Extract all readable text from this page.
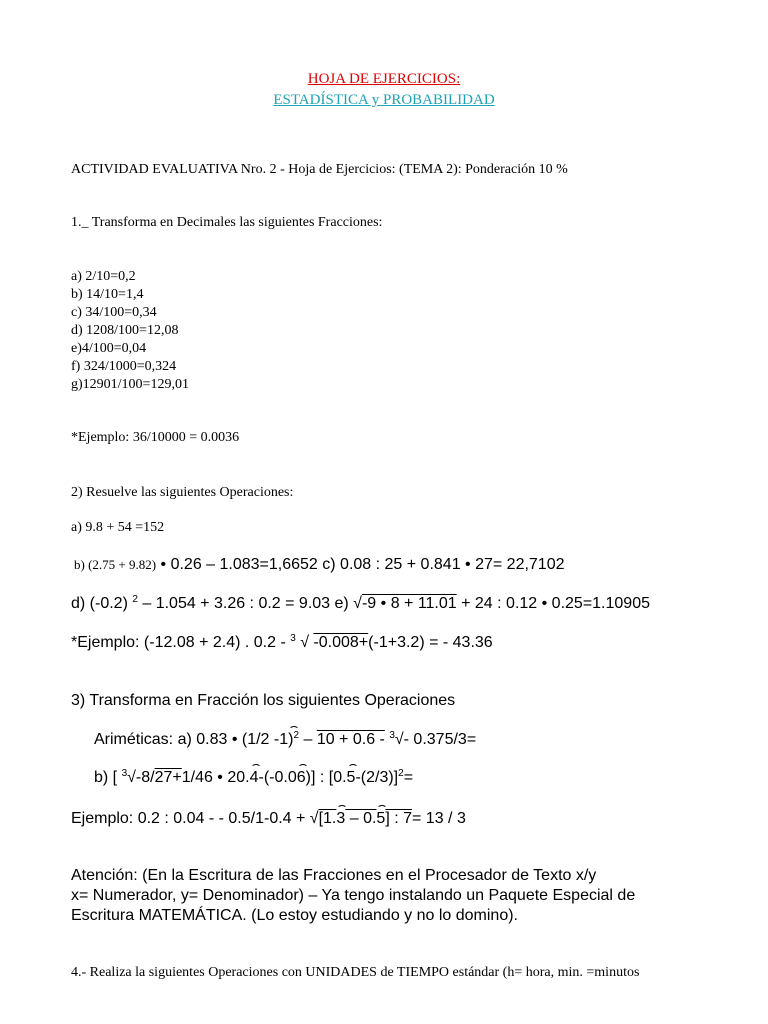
HOJA DE EJERCICIOS:
ESTADÍSTICA y PROBABILIDAD
ACTIVIDAD EVALUATIVA Nro. 2 - Hoja de Ejercicios: (TEMA 2): Ponderación 10 %
1._ Transforma en Decimales las siguientes Fracciones:
a) 2/10=0,2
b) 14/10=1,4
c) 34/100=0,34
d) 1208/100=12,08
e)4/100=0,04
f) 324/1000=0,324
g)12901/100=129,01
*Ejemplo: 36/10000 = 0.0036
2) Resuelve las siguientes Operaciones:
a) 9.8 + 54 =152
b) (2.75 + 9.82) • 0.26 – 1.083=1,6652 c) 0.08 : 25 + 0.841 • 27= 22,7102
d) (-0.2) $^2$ – 1.054 + 3.26 : 0.2 = 9.03 e) √-9 • 8 + 11.01 + 24 : 0.12 • 0.25=1.10905
*Ejemplo: (-12.08 + 2.4) . 0.2 - $^3$ √ -0.008+(-1+3.2) = - 43.36
3) Transforma en Fracción los siguientes Operaciones
Ariméticas: a) 0.83 • (1/2 -1)$^2$ – 10 + 0.6 - $^3$√- 0.375/3=
b) [ $^3$√-8/27+1/46 • 20.4-(-0.06)] : $[0.5-(2/3)]^2=$
Ejemplo: 0.2 : 0.04 - - 0.5/1-0.4 + √[1.3 – 0.5] : 7= 13 / 3
Atención: (En la Escritura de las Fracciones en el Procesador de Texto x/y
x= Numerador, y= Denominador) – Ya tengo instalando un Paquete Especial de
Escritura MATEMÁTICA. (Lo estoy estudiando y no lo domino).
4.- Realiza la siguientes Operaciones con UNIDADES de TIEMPO estándar (h= hora, min. =minutos
